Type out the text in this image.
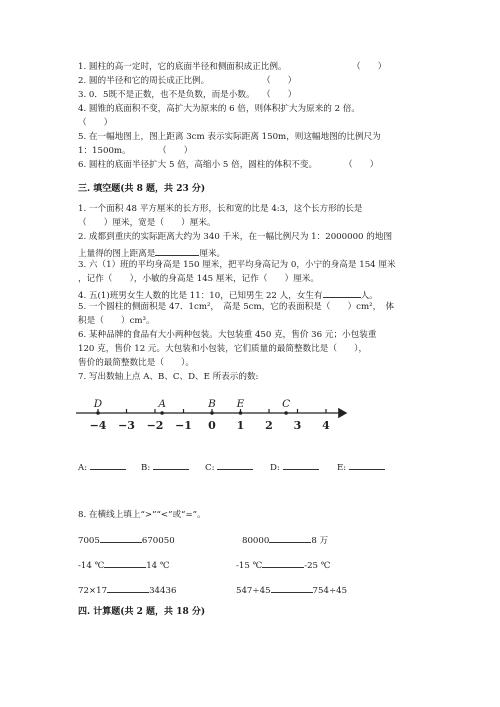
1. 圆柱的高一定时，它的底面半径和侧面积成正比例。	（　　）
2. 圆的半径和它的周长成正比例。	（　　）
3. 0．5既不是正数，也不是负数，而是小数。 （　　）
4. 圆锥的底面积不变，高扩大为原来的 6 倍，则体积扩大为原来的 2 倍。
（　　）
5. 在一幅地图上，图上距离 3cm 表示实际距离 150m，则这幅地图的比例尺为
1：1500m。	（　　）
6. 圆柱的底面半径扩大 5 倍，高缩小 5 倍，圆柱的体积不变。	（　　）
三. 填空题(共 8 题，共 23 分)
1. 一个面积 48 平方厘米的长方形，长和宽的比是 4:3，这个长方形的长是
（　　）厘米，宽是（　　）厘米。
2. 成都到重庆的实际距离大约为 340 千米，在一幅比例尺为 1：2000000 的地图
上量得的图上距离是	厘米。
3. 六（1）班的平均身高是 150 厘米，把平均身高记为 0，小宁的身高是 154 厘米
，记作（　　），小敏的身高是 145 厘米，记作（　　）厘米。
4. 五(1)班男女生人数的比是 11：10，已知男生 22 人，女生有	人。
5. 一个圆柱的侧面积是 47．1cm²，　高是 5cm，它的表面积是（　　）cm²，　体
积是（　　）cm³。
6. 某种品牌的食品有大小两种包装。大包装重 450 克，售价 36 元；小包装重
120 克，售价 12 元。大包装和小包装，它们质量的最简整数比是（　　），
售价的最简整数比是（　　）。
7. 写出数轴上点 A、B、C、D、E 所表示的数:
−4 −3 −2 −1 0 1 2 3 4
D	A	B E	C
A:	B:	C:	D:	E:
8. 在横线上填上“>”“<”或“=”。
7005	670050	80000	8 万
-14 ℃	14 ℃	-15 ℃	-25 ℃
72×17	34436	547÷45	754÷45
四. 计算题(共 2 题，共 18 分)
